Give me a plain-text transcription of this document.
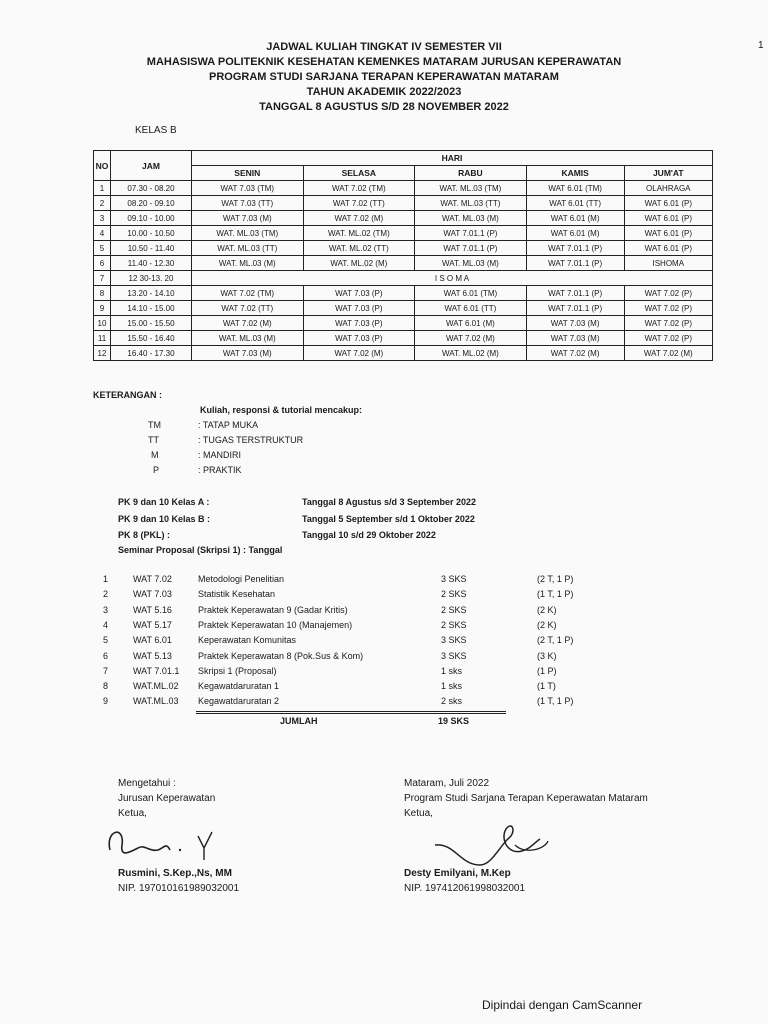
1
JADWAL KULIAH TINGKAT IV SEMESTER VII
MAHASISWA POLITEKNIK KESEHATAN KEMENKES MATARAM JURUSAN KEPERAWATAN
PROGRAM STUDI SARJANA TERAPAN KEPERAWATAN MATARAM
TAHUN AKADEMIK 2022/2023
TANGGAL 8 AGUSTUS S/D 28 NOVEMBER 2022
KELAS B
NO	JAM	HARI				
		SENIN	SELASA	RABU	KAMIS	JUM'AT
1	07.30 - 08.20	WAT 7.03 (TM)	WAT 7.02 (TM)	WAT. ML.03 (TM)	WAT 6.01 (TM)	OLAHRAGA
2	08.20 - 09.10	WAT 7.03 (TT)	WAT 7.02 (TT)	WAT. ML.03 (TT)	WAT 6.01 (TT)	WAT 6.01 (P)
3	09.10 - 10.00	WAT 7.03 (M)	WAT 7.02 (M)	WAT. ML.03 (M)	WAT 6.01 (M)	WAT 6.01 (P)
4	10.00 - 10.50	WAT. ML.03 (TM)	WAT. ML.02 (TM)	WAT 7.01.1 (P)	WAT 6.01 (M)	WAT 6.01 (P)
5	10.50 - 11.40	WAT. ML.03 (TT)	WAT. ML.02 (TT)	WAT 7.01.1 (P)	WAT 7.01.1 (P)	WAT 6.01 (P)
6	11.40 - 12.30	WAT. ML.03 (M)	WAT. ML.02 (M)	WAT. ML.03 (M)	WAT 7.01.1 (P)	ISHOMA
7	12 30-13. 20	I S O M A				
8	13.20 - 14.10	WAT 7.02 (TM)	WAT 7.03 (P)	WAT 6.01 (TM)	WAT 7.01.1 (P)	WAT 7.02 (P)
9	14.10 - 15.00	WAT 7.02 (TT)	WAT 7.03 (P)	WAT 6.01 (TT)	WAT 7.01.1 (P)	WAT 7.02 (P)
10	15.00 - 15.50	WAT 7.02 (M)	WAT 7.03 (P)	WAT 6.01 (M)	WAT 7.03 (M)	WAT 7.02 (P)
11	15.50 - 16.40	WAT. ML.03 (M)	WAT 7.03 (P)	WAT 7.02 (M)	WAT 7.03 (M)	WAT 7.02 (P)
12	16.40 - 17.30	WAT 7.03 (M)	WAT 7.02 (M)	WAT. ML.02 (M)	WAT 7.02 (M)	WAT 7.02 (M)
KETERANGAN :
Kuliah, responsi & tutorial mencakup:
TM	: TATAP MUKA
TT	: TUGAS TERSTRUKTUR
M	: MANDIRI
P	: PRAKTIK
PK 9 dan 10 Kelas A :	Tanggal 8 Agustus s/d 3 September 2022
PK 9 dan 10 Kelas B :	Tanggal 5 September s/d 1 Oktober 2022
PK 8 (PKL) :	Tanggal 10 s/d 29 Oktober 2022
Seminar Proposal (Skripsi 1) : Tanggal
1	WAT 7.02	Metodologi Penelitian	3 SKS	(2 T, 1 P)
2	WAT 7.03	Statistik Kesehatan	2 SKS	(1 T, 1 P)
3	WAT 5.16	Praktek Keperawatan 9 (Gadar Kritis)	2 SKS	(2 K)
4	WAT 5.17	Praktek Keperawatan 10 (Manajemen)	2 SKS	(2 K)
5	WAT 6.01	Keperawatan Komunitas	3 SKS	(2 T, 1 P)
6	WAT 5.13	Praktek Keperawatan 8 (Pok.Sus & Kom)	3 SKS	(3 K)
7	WAT 7.01.1 Skripsi 1 (Proposal)	1 sks	(1 P)
8	WAT.ML.02 Kegawatdaruratan 1	1 sks	(1 T)
9	WAT.ML.03 Kegawatdaruratan 2	2 sks	(1 T, 1 P)
JUMLAH	19 SKS
Mengetahui :
Jurusan Keperawatan
Ketua,
Rusmini, S.Kep.,Ns, MM
NIP. 197010161989032001
Mataram, Juli 2022
Program Studi Sarjana Terapan Keperawatan Mataram
Ketua,
Desty Emilyani, M.Kep
NIP. 197412061998032001
Dipindai dengan CamScanner
